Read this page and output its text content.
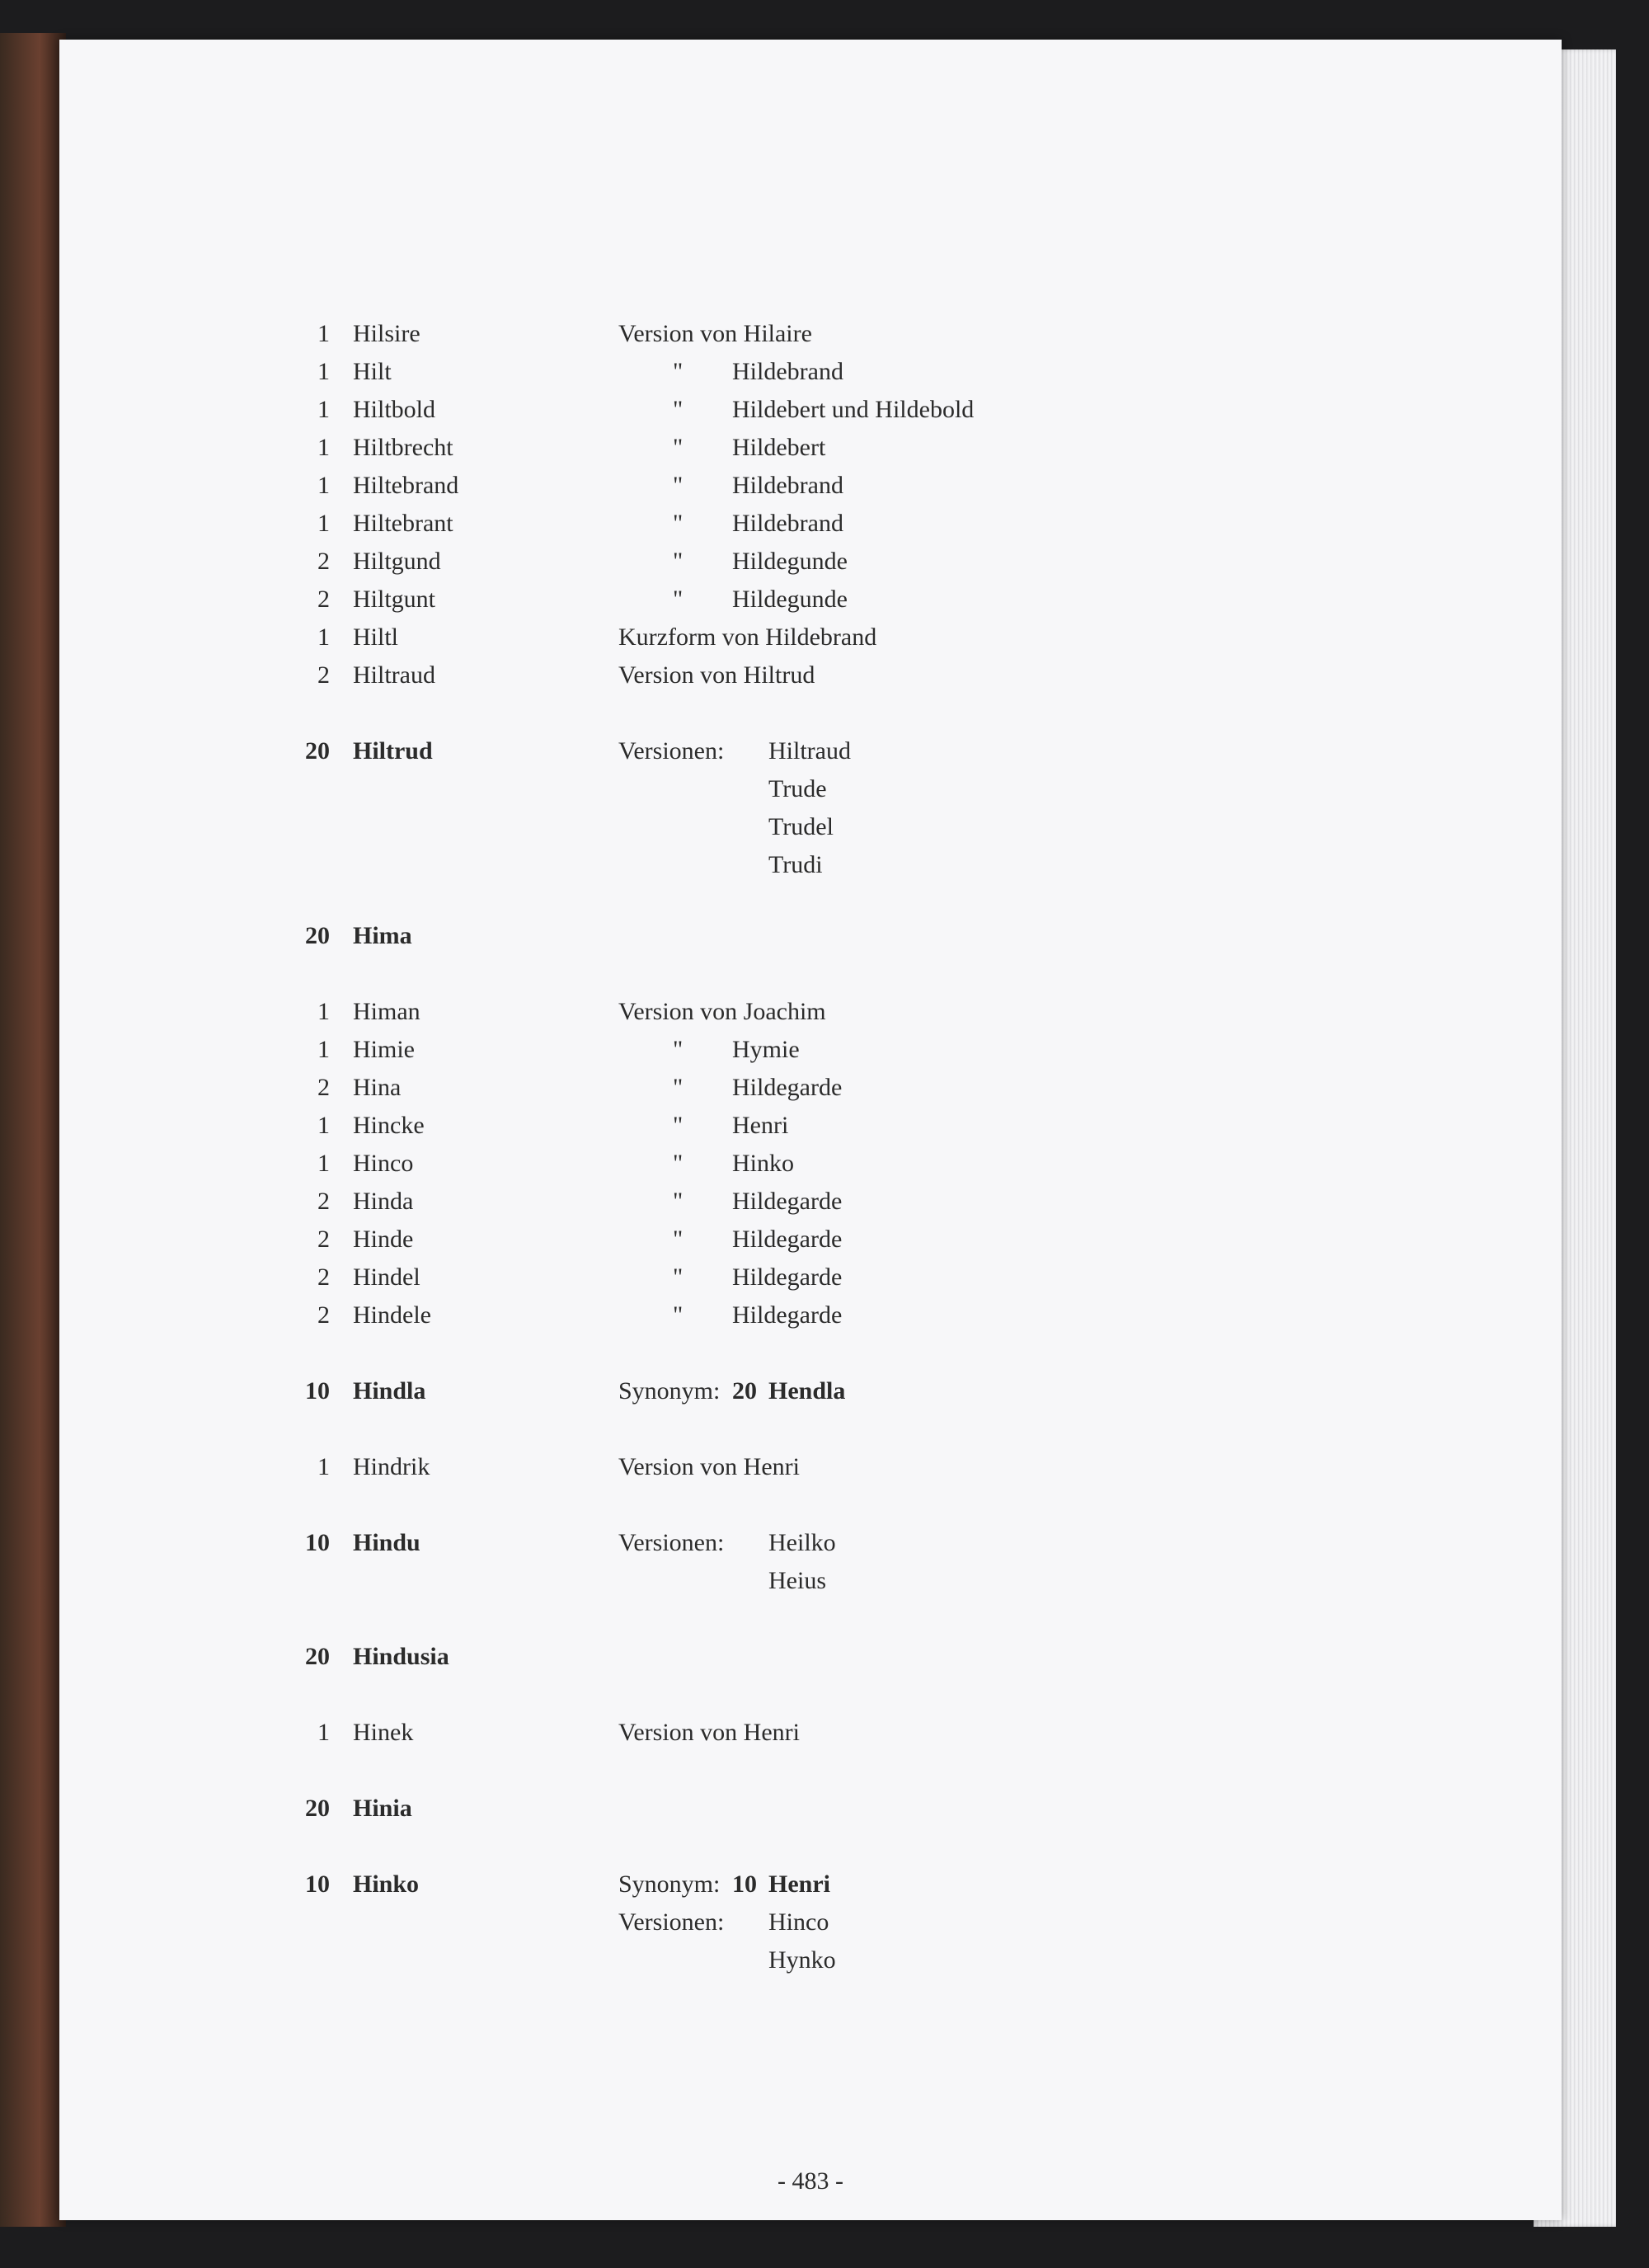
1 Hilsire	Version von Hilaire
1 Hilt	" Hildebrand
1 Hiltbold	" Hildebert und Hildebold
1 Hiltbrecht	" Hildebert
1 Hiltebrand	" Hildebrand
1 Hiltebrant	" Hildebrand
2 Hiltgund	" Hildegunde
2 Hiltgunt	" Hildegunde
1 Hiltl	Kurzform von Hildebrand
2 Hiltraud	Version von Hiltrud
20 Hiltrud	Versionen: Hiltraud
Trude
Trudel
Trudi
20 Hima
1 Himan	Version von Joachim
1 Himie	" Hymie
2 Hina	" Hildegarde
1 Hincke	" Henri
1 Hinco	" Hinko
2 Hinda	" Hildegarde
2 Hinde	" Hildegarde
2 Hindel	" Hildegarde
2 Hindele	" Hildegarde
10 Hindla	Synonym: 20 Hendla
1 Hindrik	Version von Henri
10 Hindu	Versionen: Heilko
Heius
20 Hindusia
1 Hinek	Version von Henri
20 Hinia
10 Hinko	Synonym: 10 Henri
Versionen: Hinco
Hynko
- 483 -
